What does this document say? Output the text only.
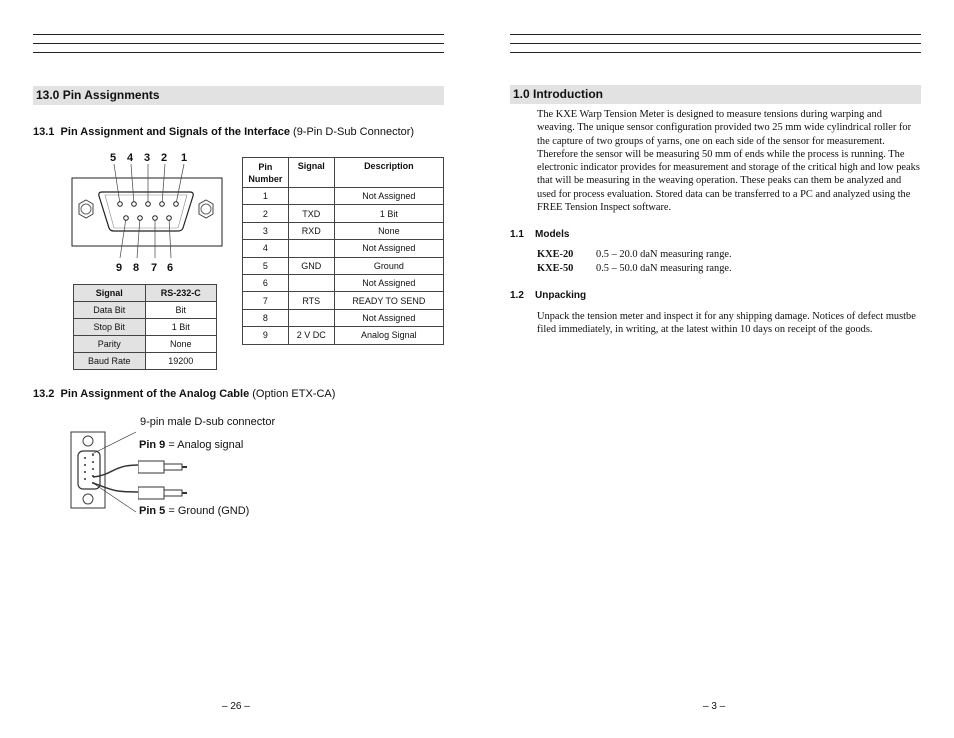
13.0 Pin Assignments
13.1 Pin Assignment and Signals of the Interface (9-Pin D-Sub Connector)
5 4 3 2 1
9 8 7 6
Pin
Number	Signal	Description
1		Not Assigned
2	TXD	1 Bit
3	RXD	None
4		Not Assigned
5	GND	Ground
6		Not Assigned
7	RTS	READY TO SEND
8		Not Assigned
9	2 V DC	Analog Signal
Signal	RS-232-C
Data Bit	Bit
Stop Bit	1 Bit
Parity	None
Baud Rate	19200
13.2 Pin Assignment of the Analog Cable (Option ETX-CA)
9-pin male D-sub connector
Pin 9 = Analog signal
Pin 5 = Ground (GND)
– 26 –
1.0 Introduction
The KXE Warp Tension Meter is designed to measure tensions during warping and weaving. The unique sensor configuration provided two 25 mm wide cylindrical roller for the capture of two groups of yarns, one on each side of the sensor for measurement. Therefore the sensor will be measuring 50 mm of ends while the process is running. The electronic indicator provides for measurement and storage of the critical high and low peaks that will be measuring in the weaving operation. These peaks can them be analyzed and used for process evaluation. Stored data can be transferred to a PC and analyzed using the FREE Tension Inspect software.
1.1    Models
KXE-20 0.5 – 20.0 daN measuring range.
KXE-50 0.5 – 50.0 daN measuring range.
1.2    Unpacking
Unpack the tension meter and inspect it for any shipping damage. Notices of defect mustbe filed immediately, in writing, at the latest within 10 days on receipt of the goods.
– 3 –
